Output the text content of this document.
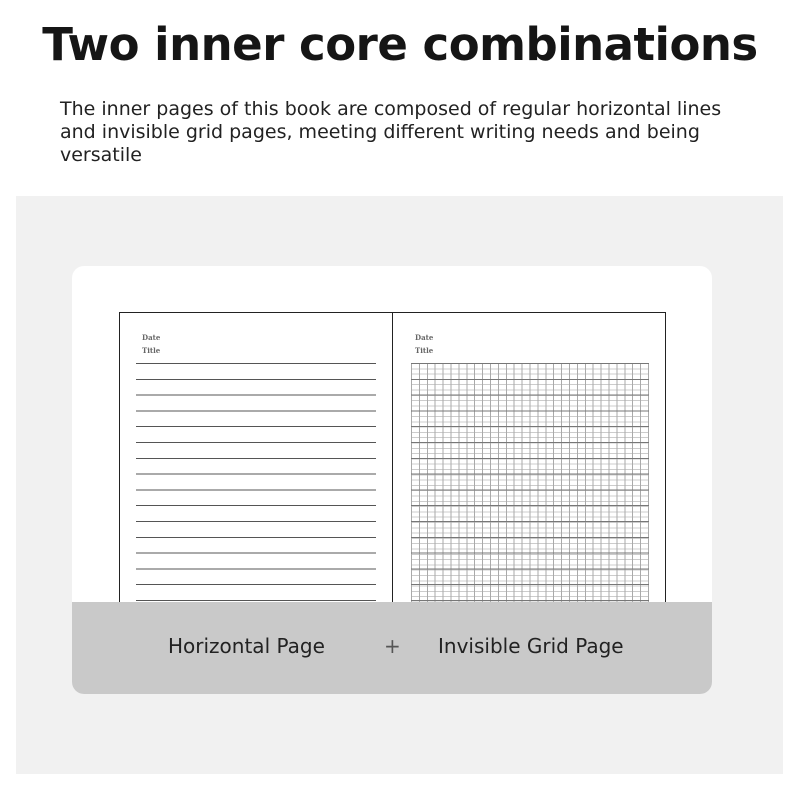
Two inner core combinations

The inner pages of this book are composed of regular horizontal lines and invisible grid pages, meeting different writing needs and being versatile

Date
Title
Date
Title
Horizontal Page	+ Invisible Grid Page
